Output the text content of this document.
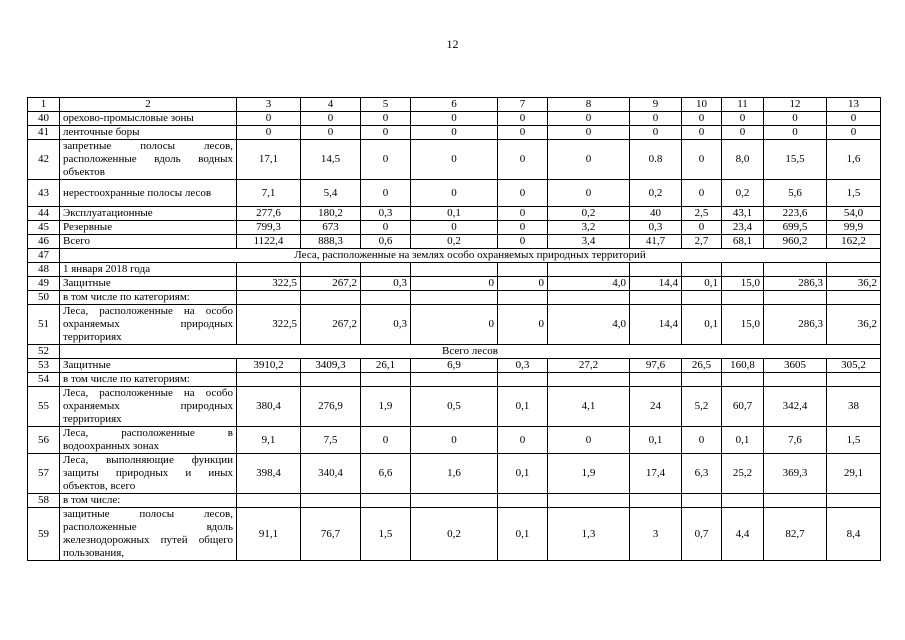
12
1	2	3	4	5	6	7	8	9	10	11	12	13
40	орехово-промысловые зоны	0	0	0	0	0	0	0	0	0	0	0
41	ленточные боры	0	0	0	0	0	0	0	0	0	0	0
42	запретные полосы лесов, расположенные вдоль водных объектов	17,1	14,5	0	0	0	0	0.8	0	8,0	15,5	1,6
43	нерестоохранные полосы лесов	7,1	5,4	0	0	0	0	0,2	0	0,2	5,6	1,5
44	Эксплуатационные	277,6	180,2	0,3	0,1	0	0,2	40	2,5	43,1	223,6	54,0
45	Резервные	799,3	673	0	0	0	3,2	0,3	0	23,4	699,5	99,9
46	Всего	1122,4	888,3	0,6	0,2	0	3,4	41,7	2,7	68,1	960,2	162,2
47	Леса, расположенные на землях особо охраняемых природных территорий											
48	1 января 2018 года											
49	Защитные	322,5	267,2	0,3	0	0	4,0	14,4	0,1	15,0	286,3	36,2
50	в том числе по категориям:											
51	Леса, расположенные на особо охраняемых природных территориях	322,5	267,2	0,3	0	0	4,0	14,4	0,1	15,0	286,3	36,2
52	Всего лесов											
53	Защитные	3910,2	3409,3	26,1	6,9	0,3	27,2	97,6	26,5	160,8	3605	305,2
54	в том числе по категориям:											
55	Леса, расположенные на особо охраняемых природных территориях	380,4	276,9	1,9	0,5	0,1	4,1	24	5,2	60,7	342,4	38
56	Леса, расположенные в водоохранных зонах	9,1	7,5	0	0	0	0	0,1	0	0,1	7,6	1,5
57	Леса, выполняющие функции защиты природных и иных объектов, всего	398,4	340,4	6,6	1,6	0,1	1,9	17,4	6,3	25,2	369,3	29,1
58	в том числе:											
59	защитные полосы лесов, расположенные вдоль железнодорожных путей общего пользования,	91,1	76,7	1,5	0,2	0,1	1,3	3	0,7	4,4	82,7	8,4
